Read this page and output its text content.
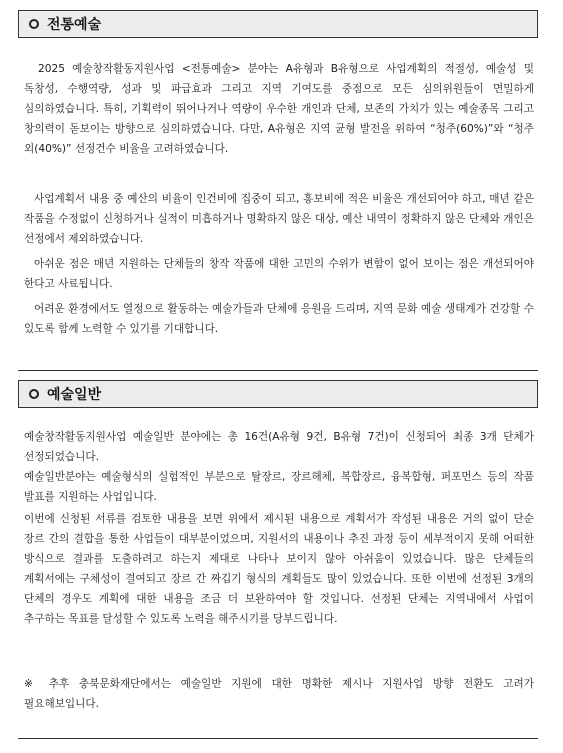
전통예술

2025 예술창작활동지원사업 <전통예술> 분야는 A유형과 B유형으로 사업계획의 적절성, 예술성 및 독창성, 수행역량, 성과 및 파급효과 그리고 지역 기여도를 중점으로 모든 심의위원들이 면밀하게 심의하였습니다. 특히, 기획력이 뛰어나거나 역량이 우수한 개인과 단체, 보존의 가치가 있는 예술종목 그리고 창의력이 돋보이는 방향으로 심의하였습니다. 다만, A유형은 지역 균형 발전을 위하여 “청주(60%)”와 “청주 외(40%)” 선정건수 비율을 고려하였습니다.

사업계획서 내용 중 예산의 비율이 인건비에 집중이 되고, 홍보비에 적은 비율은 개선되어야 하고, 매년 같은 작품을 수정없이 신청하거나 실적이 미흡하거나 명확하지 않은 대상, 예산 내역이 정확하지 않은 단체와 개인은 선정에서 제외하였습니다.

아쉬운 점은 매년 지원하는 단체들의 창작 작품에 대한 고민의 수위가 변함이 없어 보이는 점은 개선되어야 한다고 사료됩니다.

어려운 환경에서도 열정으로 활동하는 예술가들과 단체에 응원을 드리며, 지역 문화 예술 생태계가 건강할 수 있도록 함께 노력할 수 있기를 기대합니다.

예술일반

예술창작활동지원사업 예술일반 분야에는 총 16건(A유형 9건, B유형 7건)이 신청되어 최종 3개 단체가 선정되었습니다.

예술일반분야는 예술형식의 실험적인 부분으로 탈장르, 장르해체, 복합장르, 융복합형, 퍼포먼스 등의 작품 발표를 지원하는 사업입니다.

이번에 신청된 서류를 검토한 내용을 보면 위에서 제시된 내용으로 계획서가 작성된 내용은 거의 없이 단순 장르 간의 결합을 통한 사업들이 대부분이었으며, 지원서의 내용이나 추진 과정 등이 세부적이지 못해 어떠한 방식으로 결과를 도출하려고 하는지 제대로 나타나 보이지 않아 아쉬움이 있었습니다. 많은 단체들의 계획서에는 구체성이 결여되고 장르 간 짜깁기 형식의 계획들도 많이 있었습니다. 또한 이번에 선정된 3개의 단체의 경우도 계획에 대한 내용을 조금 더 보완하여야 할 것입니다. 선정된 단체는 지역내에서 사업이 추구하는 목표를 달성할 수 있도록 노력을 해주시기를 당부드립니다.

※ 추후 충북문화재단에서는 예술일반 지원에 대한 명확한 제시나 지원사업 방향 전환도 고려가 필요해보입니다.
